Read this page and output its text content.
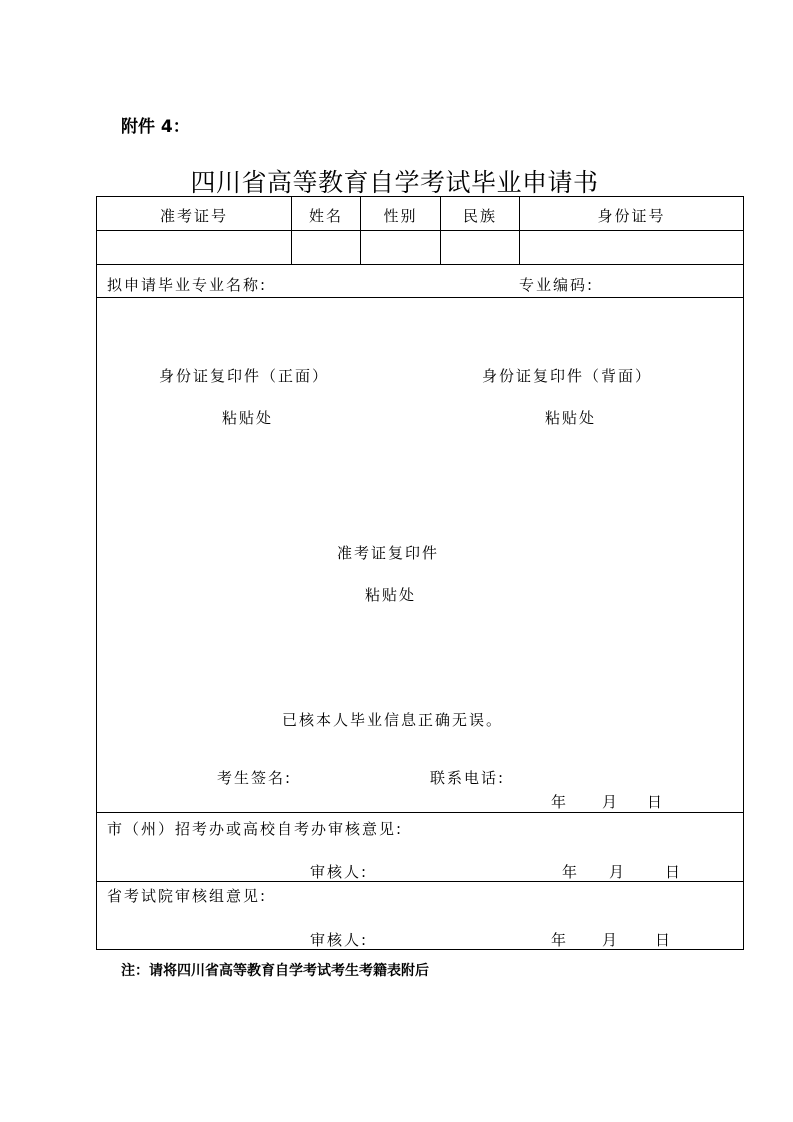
附件 4：
四川省高等教育自学考试毕业申请书
准考证号	姓名	性别	民族	身份证号
拟申请毕业专业名称:	专业编码:
身份证复印件（正面）
粘贴处
身份证复印件（背面）
粘贴处
准考证复印件
粘贴处
已核本人毕业信息正确无误。
考生签名:	联系电话:
年 月 日
市（州）招考办或高校自考办审核意见:
审核人:	年 月	日
省考试院审核组意见:
审核人:	年 月 日
注：请将四川省高等教育自学考试考生考籍表附后
